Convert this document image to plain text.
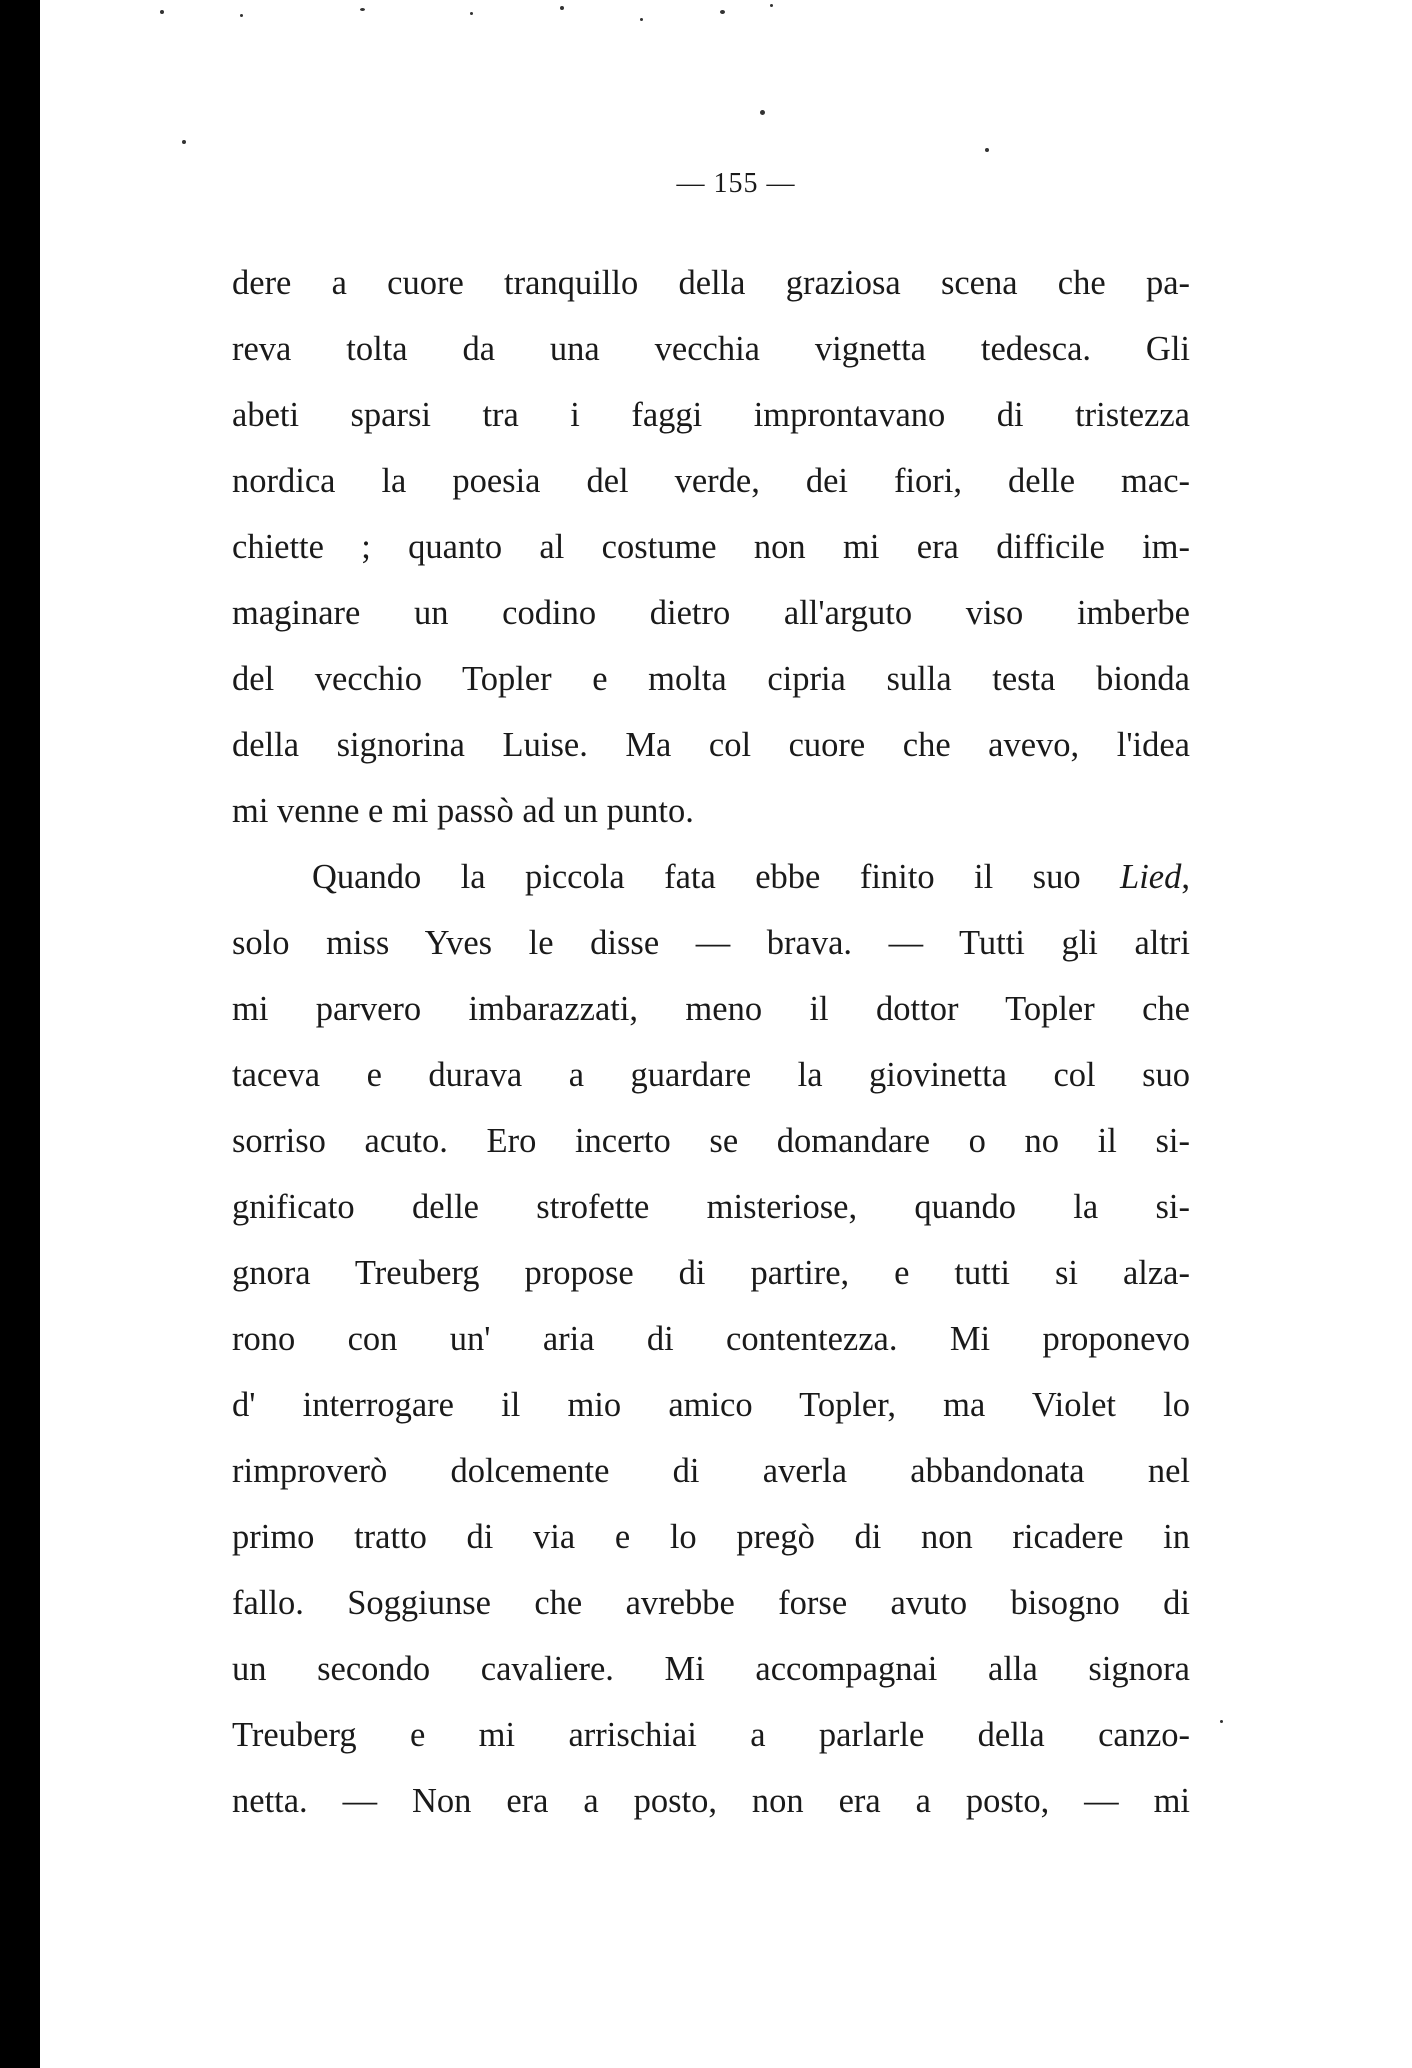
— 155 —
dere a cuore tranquillo della graziosa scena che pa-
reva tolta da una vecchia vignetta tedesca. Gli
abeti sparsi tra i faggi improntavano di tristezza
nordica la poesia del verde, dei fiori, delle mac-
chiette ; quanto al costume non mi era difficile im-
maginare un codino dietro all'arguto viso imberbe
del vecchio Topler e molta cipria sulla testa bionda
della signorina Luise. Ma col cuore che avevo, l'idea
mi venne e mi passò ad un punto.
Quando la piccola fata ebbe finito il suo Lied,
solo miss Yves le disse — brava. — Tutti gli altri
mi parvero imbarazzati, meno il dottor Topler che
taceva e durava a guardare la giovinetta col suo
sorriso acuto. Ero incerto se domandare o no il si-
gnificato delle strofette misteriose, quando la si-
gnora Treuberg propose di partire, e tutti si alza-
rono con un' aria di contentezza. Mi proponevo
d' interrogare il mio amico Topler, ma Violet lo
rimproverò dolcemente di averla abbandonata nel
primo tratto di via e lo pregò di non ricadere in
fallo. Soggiunse che avrebbe forse avuto bisogno di
un secondo cavaliere. Mi accompagnai alla signora
Treuberg e mi arrischiai a parlarle della canzo-
netta. — Non era a posto, non era a posto, — mi
